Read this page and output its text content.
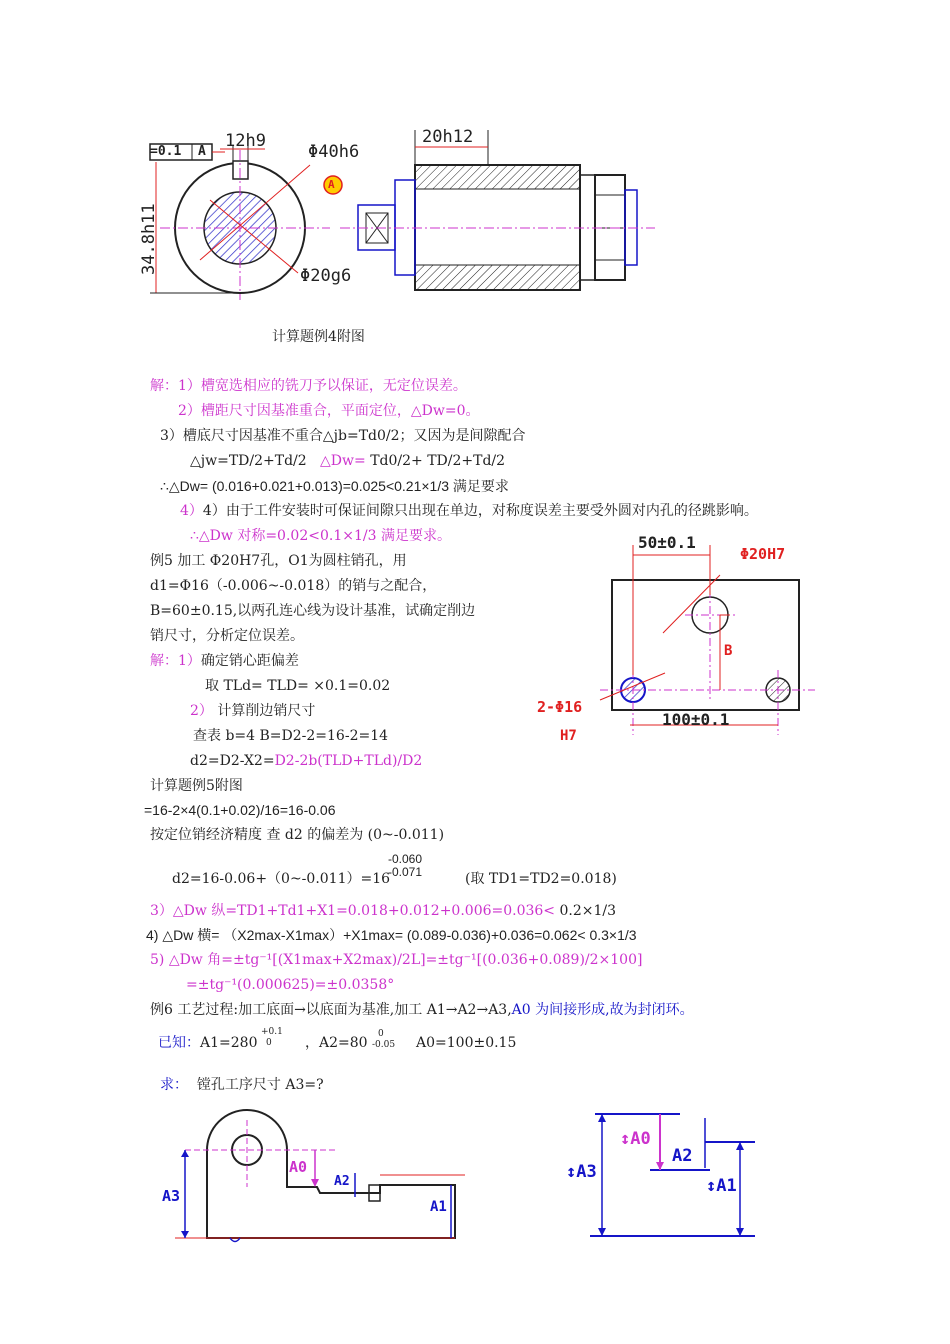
=0.1 A
12h9
Φ40h6
A
34.8h11
Φ20g6
20h12
计算题例4附图
解：1）槽宽选相应的铣刀予以保证，无定位误差。
2）槽距尺寸因基准重合，平面定位，△Dw=0。
3）槽底尺寸因基准不重合△jb=Td0/2；又因为是间隙配合
△jw=TD/2+Td/2 △Dw= Td0/2+ TD/2+Td/2
∴△Dw= (0.016+0.021+0.013)=0.025<0.21×1/3 满足要求
4）4）由于工件安装时可保证间隙只出现在单边，对称度误差主要受外圆对内孔的径跳影响。
∴△Dw 对称=0.02<0.1×1/3 满足要求。
例5 加工 Φ20H7孔，O1为圆柱销孔，用
d1=Φ16（-0.006~-0.018）的销与之配合，
B=60±0.15,以两孔连心线为设计基准，试确定削边
销尺寸，分析定位误差。
解：1）确定销心距偏差
取 TLd= TLD= ×0.1=0.02
2） 计算削边销尺寸
查表 b=4 B=D2-2=16-2=14
d2=D2-X2=D2-2b(TLD+TLd)/D2
计算题例5附图
=16-2×4(0.1+0.02)/16=16-0.06
按定位销经济精度 查 d2 的偏差为 (0~-0.011)
-0.060
-0.071
d2=16-0.06+（0~-0.011）=16	(取 TD1=TD2=0.018)
3）△Dw 纵=TD1+Td1+X1=0.018+0.012+0.006=0.036< 0.2×1/3
4) △Dw 横= （X2max-X1max）+X1max= (0.089-0.036)+0.036=0.062< 0.3×1/3
5) △Dw 角=±tg⁻¹[(X1max+X2max)/2L]=±tg⁻¹[(0.036+0.089)/2×100]
=±tg⁻¹(0.000625)=±0.0358°
50±0.1
Φ20H7
B
2-Φ16
100±0.1
H7
例6 工艺过程:加工底面→以底面为基准,加工 A1→A2→A3,A0 为间接形成,故为封闭环。
已知：A1=280
+0.1
0 ，A2=80
0
-0.05 A0=100±0.15
求： 镗孔工序尺寸 A3=?
A3
A0
A2
A1
↕A3
↕A0
A2
↕A1
